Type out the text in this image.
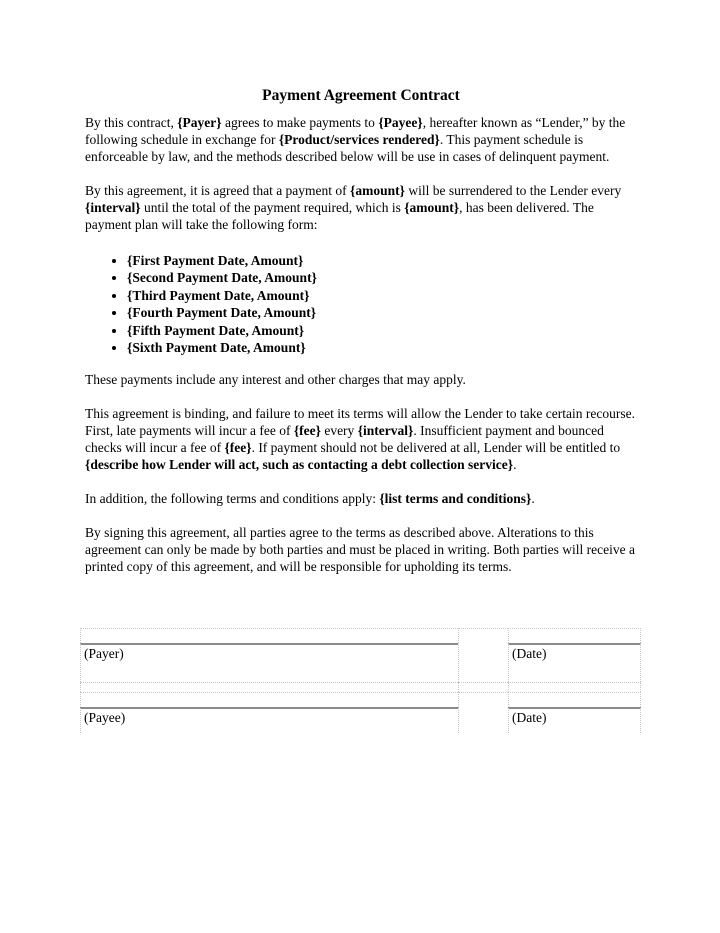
Payment Agreement Contract

By this contract, {Payer} agrees to make payments to {Payee}, hereafter known as “Lender,” by the following schedule in exchange for {Product/services rendered}. This payment schedule is enforceable by law, and the methods described below will be use in cases of delinquent payment.

By this agreement, it is agreed that a payment of {amount} will be surrendered to the Lender every {interval} until the total of the payment required, which is {amount}, has been delivered. The payment plan will take the following form:

• {First Payment Date, Amount}
• {Second Payment Date, Amount}
• {Third Payment Date, Amount}
• {Fourth Payment Date, Amount}
• {Fifth Payment Date, Amount}
• {Sixth Payment Date, Amount}

These payments include any interest and other charges that may apply.

This agreement is binding, and failure to meet its terms will allow the Lender to take certain recourse. First, late payments will incur a fee of {fee} every {interval}. Insufficient payment and bounced checks will incur a fee of {fee}. If payment should not be delivered at all, Lender will be entitled to {describe how Lender will act, such as contacting a debt collection service}.

In addition, the following terms and conditions apply: {list terms and conditions}.

By signing this agreement, all parties agree to the terms as described above. Alterations to this agreement can only be made by both parties and must be placed in writing. Both parties will receive a printed copy of this agreement, and will be responsible for upholding its terms.

(Payer)	(Date)
(Payee)	(Date)
